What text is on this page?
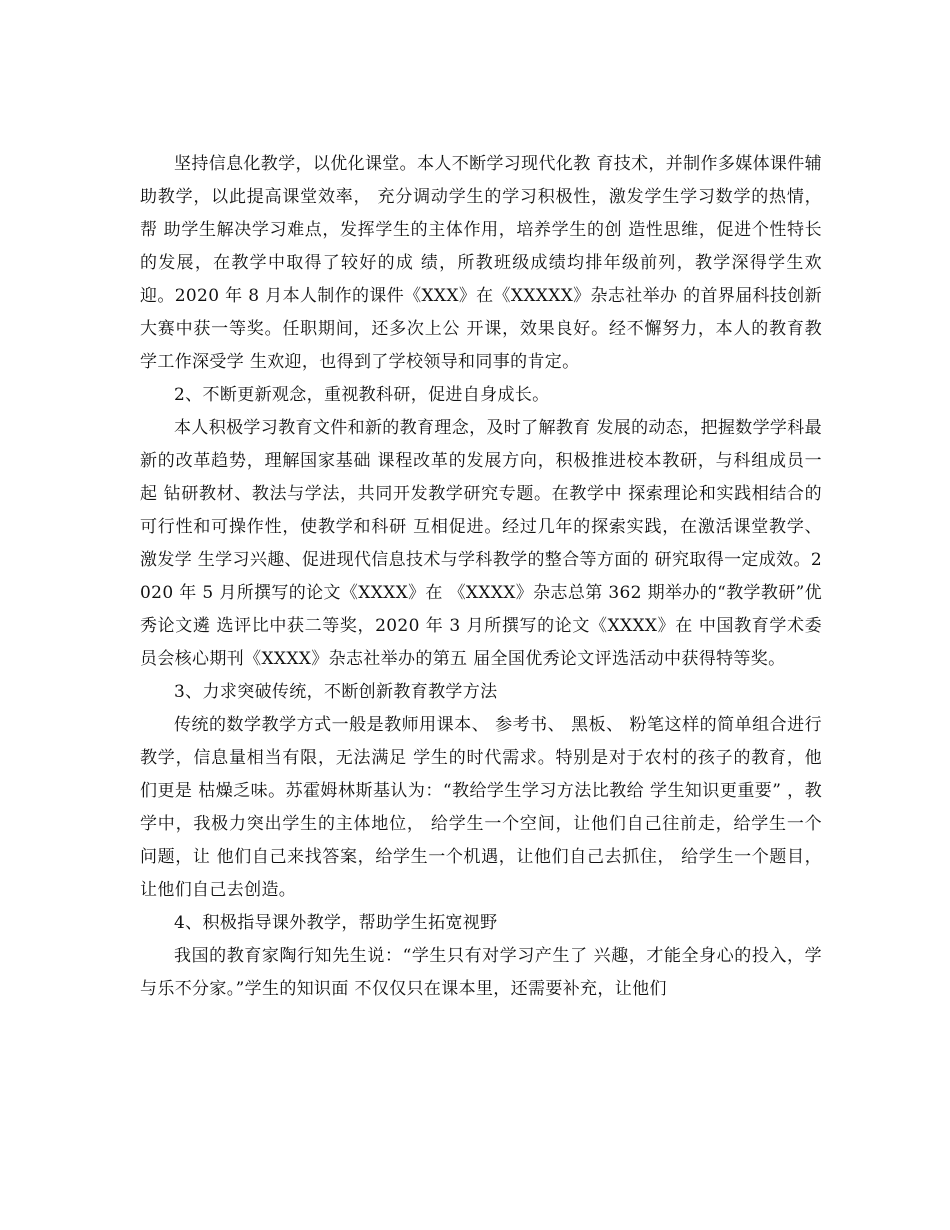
坚持信息化教学，以优化课堂。本人不断学习现代化教 育技术，并制作多媒体课件辅助教学，以此提高课堂效率， 充分调动学生的学习积极性，激发学生学习数学的热情，帮 助学生解决学习难点，发挥学生的主体作用，培养学生的创 造性思维，促进个性特长的发展，在教学中取得了较好的成 绩，所教班级成绩均排年级前列，教学深得学生欢迎。2020 年 8 月本人制作的课件《XXX》在《XXXXX》杂志社举办 的首界届科技创新大赛中获一等奖。任职期间，还多次上公 开课，效果良好。经不懈努力，本人的教育教学工作深受学 生欢迎，也得到了学校领导和同事的肯定。

2、不断更新观念，重视教科研，促进自身成长。

本人积极学习教育文件和新的教育理念，及时了解教育 发展的动态，把握数学学科最新的改革趋势，理解国家基础 课程改革的发展方向，积极推进校本教研，与科组成员一起 钻研教材、教法与学法，共同开发教学研究专题。在教学中 探索理论和实践相结合的可行性和可操作性，使教学和科研 互相促进。经过几年的探索实践，在激活课堂教学、激发学 生学习兴趣、促进现代信息技术与学科教学的整合等方面的 研究取得一定成效。2020 年 5 月所撰写的论文《XXXX》在 《XXXX》杂志总第 362 期举办的“教学教研”优秀论文遴 选评比中获二等奖，2020 年 3 月所撰写的论文《XXXX》在 中国教育学术委员会核心期刊《XXXX》杂志社举办的第五 届全国优秀论文评选活动中获得特等奖。

3、力求突破传统，不断创新教育教学方法

传统的数学教学方式一般是教师用课本、 参考书、 黑板、 粉笔这样的简单组合进行教学，信息量相当有限，无法满足 学生的时代需求。特别是对于农村的孩子的教育，他们更是 枯燥乏味。苏霍姆林斯基认为：“教给学生学习方法比教给 学生知识更重要” ，教学中，我极力突出学生的主体地位， 给学生一个空间，让他们自己往前走，给学生一个问题，让 他们自己来找答案，给学生一个机遇，让他们自己去抓住， 给学生一个题目，让他们自己去创造。

4、积极指导课外教学，帮助学生拓宽视野

我国的教育家陶行知先生说：“学生只有对学习产生了 兴趣，才能全身心的投入，学与乐不分家。”学生的知识面 不仅仅只在课本里，还需要补充，让他们
